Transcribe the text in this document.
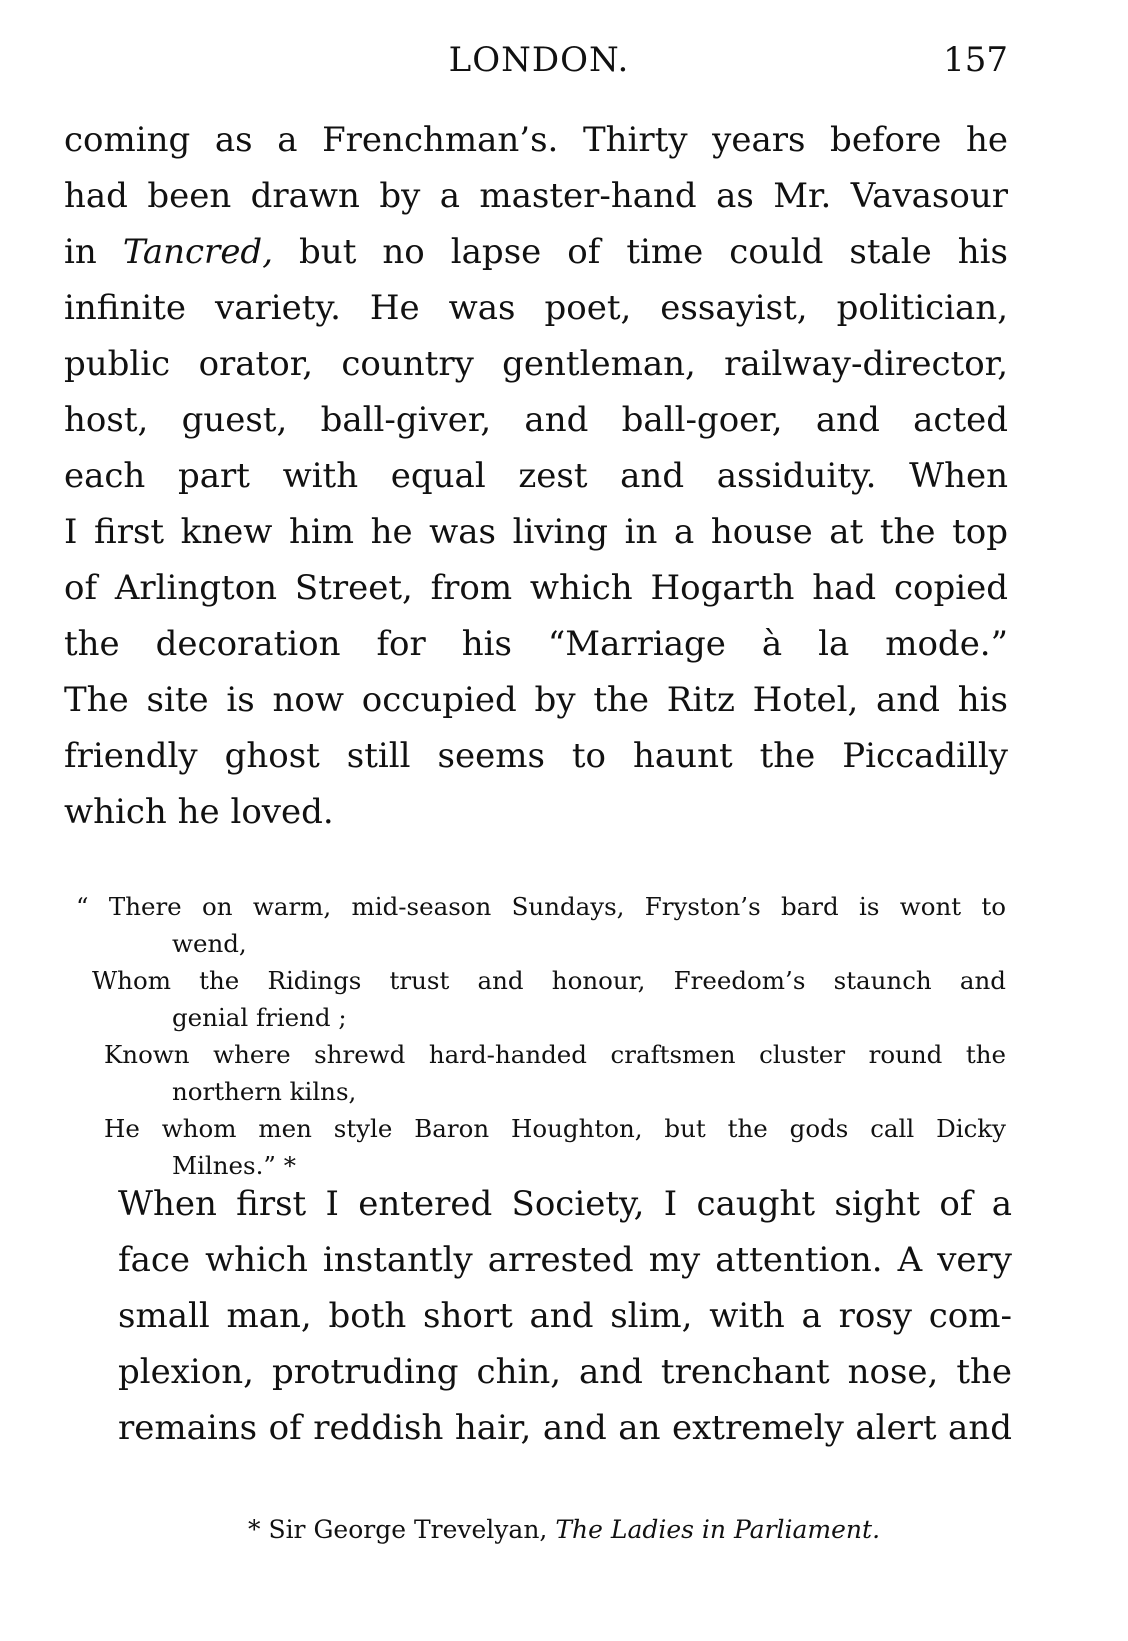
LONDON.	157
coming as a Frenchman’s. Thirty years before he
had been drawn by a master-hand as Mr. Vavasour
in Tancred, but no lapse of time could stale his
infinite variety. He was poet, essayist, politician,
public orator, country gentleman, railway-director,
host, guest, ball-giver, and ball-goer, and acted
each part with equal zest and assiduity. When
I first knew him he was living in a house at the top
of Arlington Street, from which Hogarth had copied
the decoration for his “Marriage à la mode.”
The site is now occupied by the Ritz Hotel, and his
friendly ghost still seems to haunt the Piccadilly
which he loved.
“ There on warm, mid-season Sundays, Fryston’s bard is wont to
wend,
Whom the Ridings trust and honour, Freedom’s staunch and
genial friend ;
Known where shrewd hard-handed craftsmen cluster round the
northern kilns,
He whom men style Baron Houghton, but the gods call Dicky
Milnes.” *
When first I entered Society, I caught sight of a
face which instantly arrested my attention. A very
small man, both short and slim, with a rosy com-
plexion, protruding chin, and trenchant nose, the
remains of reddish hair, and an extremely alert and
* Sir George Trevelyan, The Ladies in Parliament.
